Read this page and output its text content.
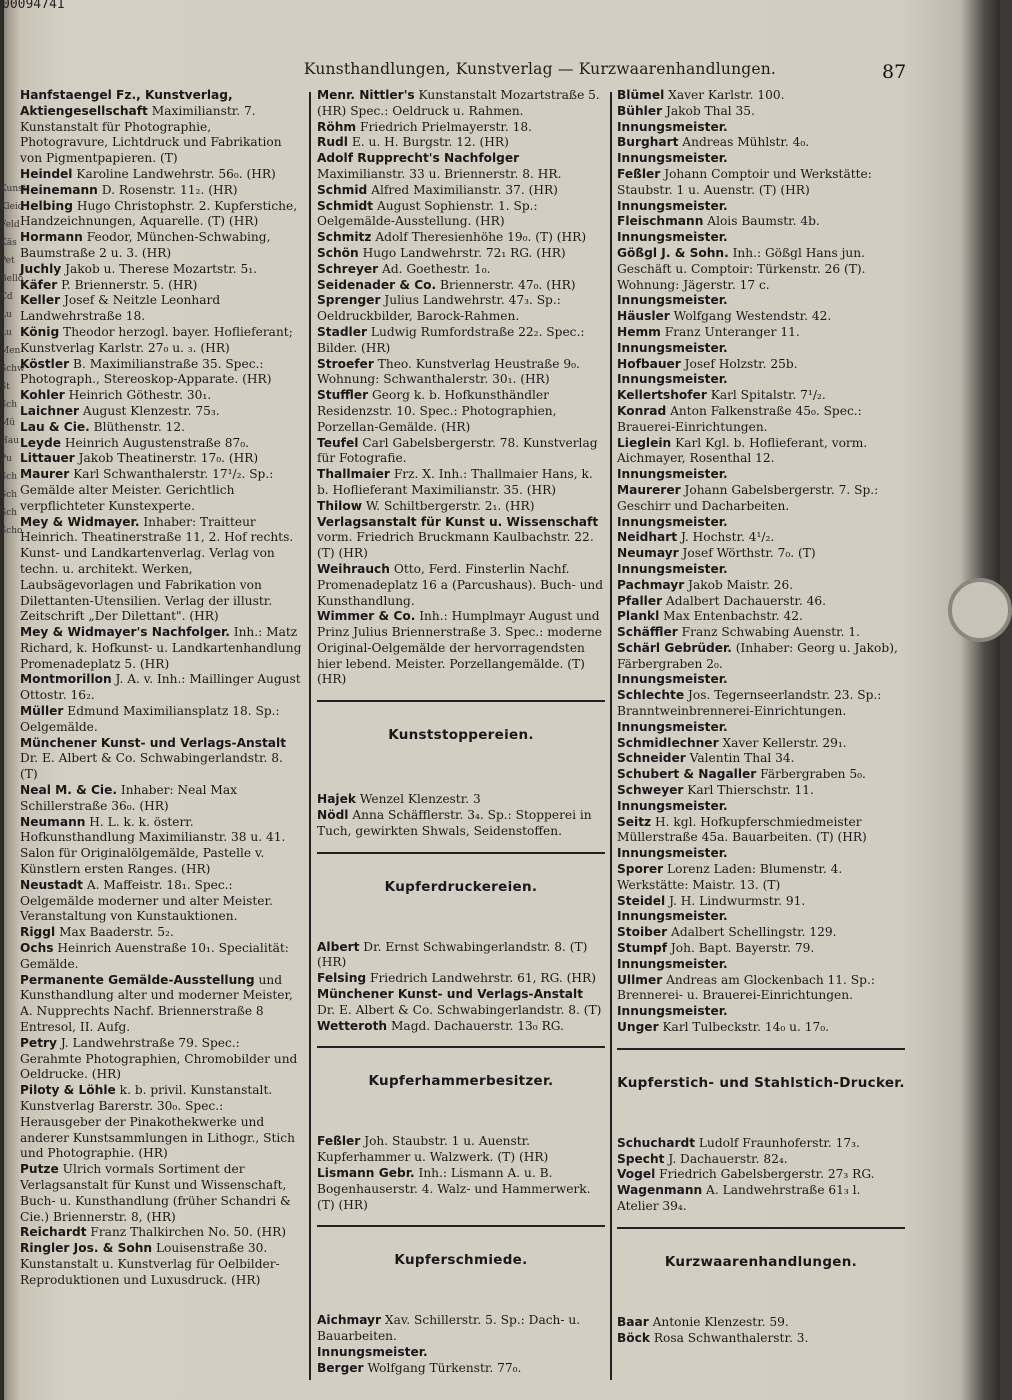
00094741
Kunst
Kleid
Feld
Käs
Pet
Bello
Cd
Lu
Lu
Men
Schw
St
Sch
Mü
Hau
Pu
Sch
Sch
Sch
Scho
Kunsthandlungen, Kunstverlag — Kurzwaarenhandlungen.	87

Hanfstaengel Fz., Kunstverlag, Aktiengesellschaft Maximilianstr. 7. Kunstanstalt für Photographie, Photogravure, Lichtdruck und Fabrikation von Pigmentpapieren. (T)

Heindel Karoline Landwehrstr. 56₀. (HR)

Heinemann D. Rosenstr. 11₂. (HR)

Helbing Hugo Christophstr. 2. Kupferstiche, Handzeichnungen, Aquarelle. (T) (HR)

Hormann Feodor, München-Schwabing, Baumstraße 2 u. 3. (HR)

Juchly Jakob u. Therese Mozartstr. 5₁.

Käfer P. Briennerstr. 5. (HR)

Keller Josef & Neitzle Leonhard Landwehrstraße 18.

König Theodor herzogl. bayer. Hoflieferant; Kunstverlag Karlstr. 27₀ u. ₃. (HR)

Köstler B. Maximilianstraße 35. Spec.: Photograph., Stereoskop-Apparate. (HR)

Kohler Heinrich Göthestr. 30₁.

Laichner August Klenzestr. 75₃.

Lau & Cie. Blüthenstr. 12.

Leyde Heinrich Augustenstraße 87₀.

Littauer Jakob Theatinerstr. 17₀. (HR)

Maurer Karl Schwanthalerstr. 17¹/₂. Sp.: Gemälde alter Meister. Gerichtlich verpflichteter Kunstexperte.

Mey & Widmayer. Inhaber: Traitteur Heinrich. Theatinerstraße 11, 2. Hof rechts. Kunst- und Landkartenverlag. Verlag von techn. u. architekt. Werken, Laubsägevorlagen und Fabrikation von Dilettanten-Utensilien. Verlag der illustr. Zeitschrift „Der Dilettant". (HR)

Mey & Widmayer's Nachfolger. Inh.: Matz Richard, k. Hofkunst- u. Landkartenhandlung Promenadeplatz 5. (HR)

Montmorillon J. A. v. Inh.: Maillinger August Ottostr. 16₂.

Müller Edmund Maximiliansplatz 18. Sp.: Oelgemälde.

Münchener Kunst- und Verlags-Anstalt Dr. E. Albert & Co. Schwabingerlandstr. 8. (T)

Neal M. & Cie. Inhaber: Neal Max Schillerstraße 36₀. (HR)

Neumann H. L. k. k. österr. Hofkunsthandlung Maximilianstr. 38 u. 41. Salon für Originalölgemälde, Pastelle v. Künstlern ersten Ranges. (HR)

Neustadt A. Maffeistr. 18₁. Spec.: Oelgemälde moderner und alter Meister. Veranstaltung von Kunstauktionen.

Riggl Max Baaderstr. 5₂.

Ochs Heinrich Auenstraße 10₁. Specialität: Gemälde.

Permanente Gemälde-Ausstellung und Kunsthandlung alter und moderner Meister, A. Nupprechts Nachf. Briennerstraße 8 Entresol, II. Aufg.

Petry J. Landwehrstraße 79. Spec.: Gerahmte Photographien, Chromobilder und Oeldrucke. (HR)

Piloty & Löhle k. b. privil. Kunstanstalt. Kunstverlag Barerstr. 30₀. Spec.: Herausgeber der Pinakothekwerke und anderer Kunstsammlungen in Lithogr., Stich und Photographie. (HR)

Putze Ulrich vormals Sortiment der Verlagsanstalt für Kunst und Wissenschaft, Buch- u. Kunsthandlung (früher Schandri & Cie.) Briennerstr. 8, (HR)

Reichardt Franz Thalkirchen No. 50. (HR)

Ringler Jos. & Sohn Louisenstraße 30. Kunstanstalt u. Kunstverlag für Oelbilder-Reproduktionen und Luxusdruck. (HR)

Menr. Nittler's Kunstanstalt Mozartstraße 5. (HR) Spec.: Oeldruck u. Rahmen.

Röhm Friedrich Prielmayerstr. 18.

Rudl E. u. H. Burgstr. 12. (HR)

Adolf Rupprecht's Nachfolger Maximilianstr. 33 u. Briennerstr. 8. HR.

Schmid Alfred Maximilianstr. 37. (HR)

Schmidt August Sophienstr. 1. Sp.: Oelgemälde-Ausstellung. (HR)

Schmitz Adolf Theresienhöhe 19₀. (T) (HR)

Schön Hugo Landwehrstr. 72₁ RG. (HR)

Schreyer Ad. Goethestr. 1₀.

Seidenader & Co. Briennerstr. 47₀. (HR)

Sprenger Julius Landwehrstr. 47₃. Sp.: Oeldruckbilder, Barock-Rahmen.

Stadler Ludwig Rumfordstraße 22₂. Spec.: Bilder. (HR)

Stroefer Theo. Kunstverlag Heustraße 9₀. Wohnung: Schwanthalerstr. 30₁. (HR)

Stuffler Georg k. b. Hofkunsthändler Residenzstr. 10. Spec.: Photographien, Porzellan-Gemälde. (HR)

Teufel Carl Gabelsbergerstr. 78. Kunstverlag für Fotografie.

Thallmaier Frz. X. Inh.: Thallmaier Hans, k. b. Hoflieferant Maximilianstr. 35. (HR)

Thilow W. Schiltbergerstr. 2₁. (HR)

Verlagsanstalt für Kunst u. Wissenschaft vorm. Friedrich Bruckmann Kaulbachstr. 22. (T) (HR)

Weihrauch Otto, Ferd. Finsterlin Nachf. Promenadeplatz 16 a (Parcushaus). Buch- und Kunsthandlung.

Wimmer & Co. Inh.: Humplmayr August und Prinz Julius Briennerstraße 3. Spec.: moderne Original-Oelgemälde der hervorragendsten hier lebend. Meister. Porzellangemälde. (T) (HR)

Kunststoppereien.

Hajek Wenzel Klenzestr. 3

Nödl Anna Schäfflerstr. 3₄. Sp.: Stopperei in Tuch, gewirkten Shwals, Seidenstoffen.

Kupferdruckereien.

Albert Dr. Ernst Schwabingerlandstr. 8. (T) (HR)

Felsing Friedrich Landwehrstr. 61, RG. (HR)

Münchener Kunst- und Verlags-Anstalt Dr. E. Albert & Co. Schwabingerlandstr. 8. (T)

Wetteroth Magd. Dachauerstr. 13₀ RG.

Kupferhammerbesitzer.

Feßler Joh. Staubstr. 1 u. Auenstr. Kupferhammer u. Walzwerk. (T) (HR)

Lismann Gebr. Inh.: Lismann A. u. B. Bogenhauserstr. 4. Walz- und Hammerwerk. (T) (HR)

Kupferschmiede.

Aichmayr Xav. Schillerstr. 5. Sp.: Dach- u. Bauarbeiten.

Innungsmeister.

Berger Wolfgang Türkenstr. 77₀.

Blümel Xaver Karlstr. 100.

Bühler Jakob Thal 35.

Innungsmeister.

Burghart Andreas Mühlstr. 4₀.

Innungsmeister.

Feßler Johann Comptoir und Werkstätte: Staubstr. 1 u. Auenstr. (T) (HR)

Innungsmeister.

Fleischmann Alois Baumstr. 4b.

Innungsmeister.

Gößgl J. & Sohn. Inh.: Gößgl Hans jun. Geschäft u. Comptoir: Türkenstr. 26 (T). Wohnung: Jägerstr. 17 c.

Innungsmeister.

Häusler Wolfgang Westendstr. 42.

Hemm Franz Unteranger 11.

Innungsmeister.

Hofbauer Josef Holzstr. 25b.

Innungsmeister.

Kellertshofer Karl Spitalstr. 7¹/₂.

Konrad Anton Falkenstraße 45₀. Spec.: Brauerei-Einrichtungen.

Lieglein Karl Kgl. b. Hoflieferant, vorm. Aichmayer, Rosenthal 12.

Innungsmeister.

Maurerer Johann Gabelsbergerstr. 7. Sp.: Geschirr und Dacharbeiten.

Innungsmeister.

Neidhart J. Hochstr. 4¹/₂.

Neumayr Josef Wörthstr. 7₀. (T)

Innungsmeister.

Pachmayr Jakob Maistr. 26.

Pfaller Adalbert Dachauerstr. 46.

Plankl Max Entenbachstr. 42.

Schäffler Franz Schwabing Auenstr. 1.

Schärl Gebrüder. (Inhaber: Georg u. Jakob), Färbergraben 2₀.

Innungsmeister.

Schlechte Jos. Tegernseerlandstr. 23. Sp.: Branntweinbrennerei-Einrichtungen.

Innungsmeister.

Schmidlechner Xaver Kellerstr. 29₁.

Schneider Valentin Thal 34.

Schubert & Nagaller Färbergraben 5₀.

Schweyer Karl Thierschstr. 11.

Innungsmeister.

Seitz H. kgl. Hofkupferschmiedmeister Müllerstraße 45a. Bauarbeiten. (T) (HR)

Innungsmeister.

Sporer Lorenz Laden: Blumenstr. 4. Werkstätte: Maistr. 13. (T)

Steidel J. H. Lindwurmstr. 91.

Innungsmeister.

Stoiber Adalbert Schellingstr. 129.

Stumpf Joh. Bapt. Bayerstr. 79.

Innungsmeister.

Ullmer Andreas am Glockenbach 11. Sp.: Brennerei- u. Brauerei-Einrichtungen.

Innungsmeister.

Unger Karl Tulbeckstr. 14₀ u. 17₀.

Kupferstich- und Stahlstich-Drucker.

Schuchardt Ludolf Fraunhoferstr. 17₃.

Specht J. Dachauerstr. 82₄.

Vogel Friedrich Gabelsbergerstr. 27₃ RG.

Wagenmann A. Landwehrstraße 61₃ l. Atelier 39₄.

Kurzwaarenhandlungen.

Baar Antonie Klenzestr. 59.

Böck Rosa Schwanthalerstr. 3.
